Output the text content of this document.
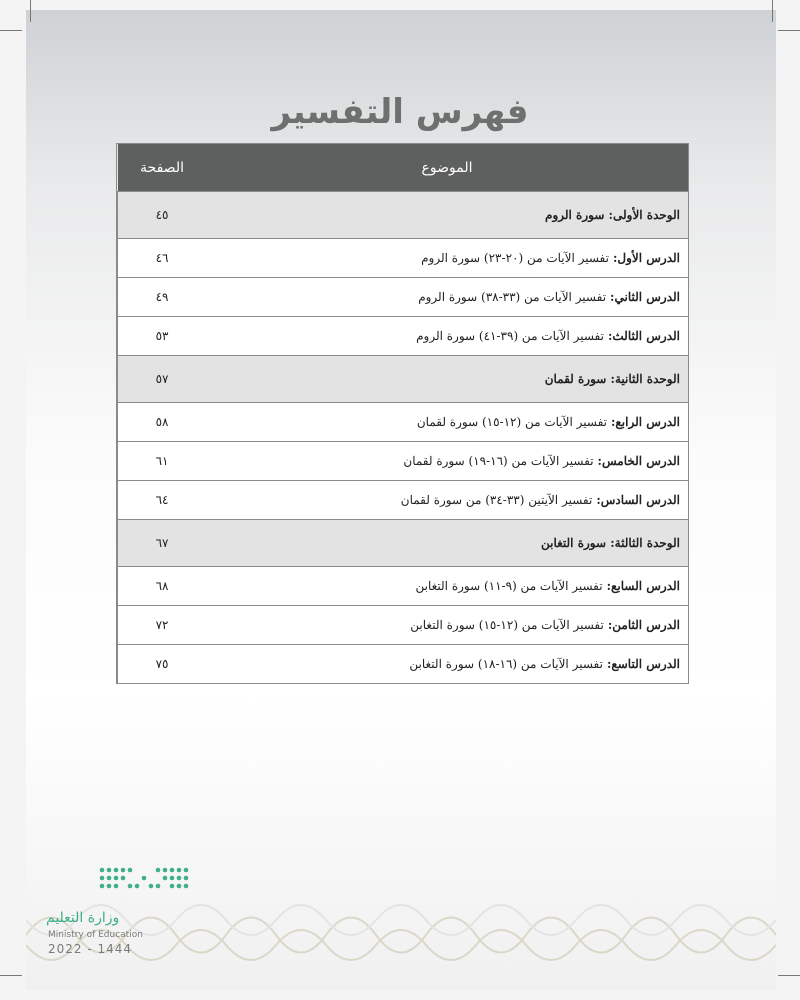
فهرس التفسير
الموضوع
الصفحة
الوحدة الأولى: سورة الروم
٤٥
الدرس الأول:
تفسير الآيات من (٢٠-٢٣) سورة الروم
٤٦
الدرس الثاني:
تفسير الآيات من (٣٣-٣٨) سورة الروم
٤٩
الدرس الثالث:
تفسير الآيات من (٣٩-٤١) سورة الروم
٥٣
الوحدة الثانية: سورة لقمان
٥٧
الدرس الرابع:
تفسير الآيات من (١٢-١٥) سورة لقمان
٥٨
الدرس الخامس:
تفسير الآيات من (١٦-١٩) سورة لقمان
٦١
الدرس السادس:
تفسير الآيتين (٣٣-٣٤) من سورة لقمان
٦٤
الوحدة الثالثة: سورة التغابن
٦٧
الدرس السابع:
تفسير الآيات من (٩-١١) سورة التغابن
٦٨
الدرس الثامن:
تفسير الآيات من (١٢-١٥) سورة التغابن
٧٢
الدرس التاسع:
تفسير الآيات من (١٦-١٨) سورة التغابن
٧٥
وزارة التعليم
Ministry of Education
2022 - 1444
